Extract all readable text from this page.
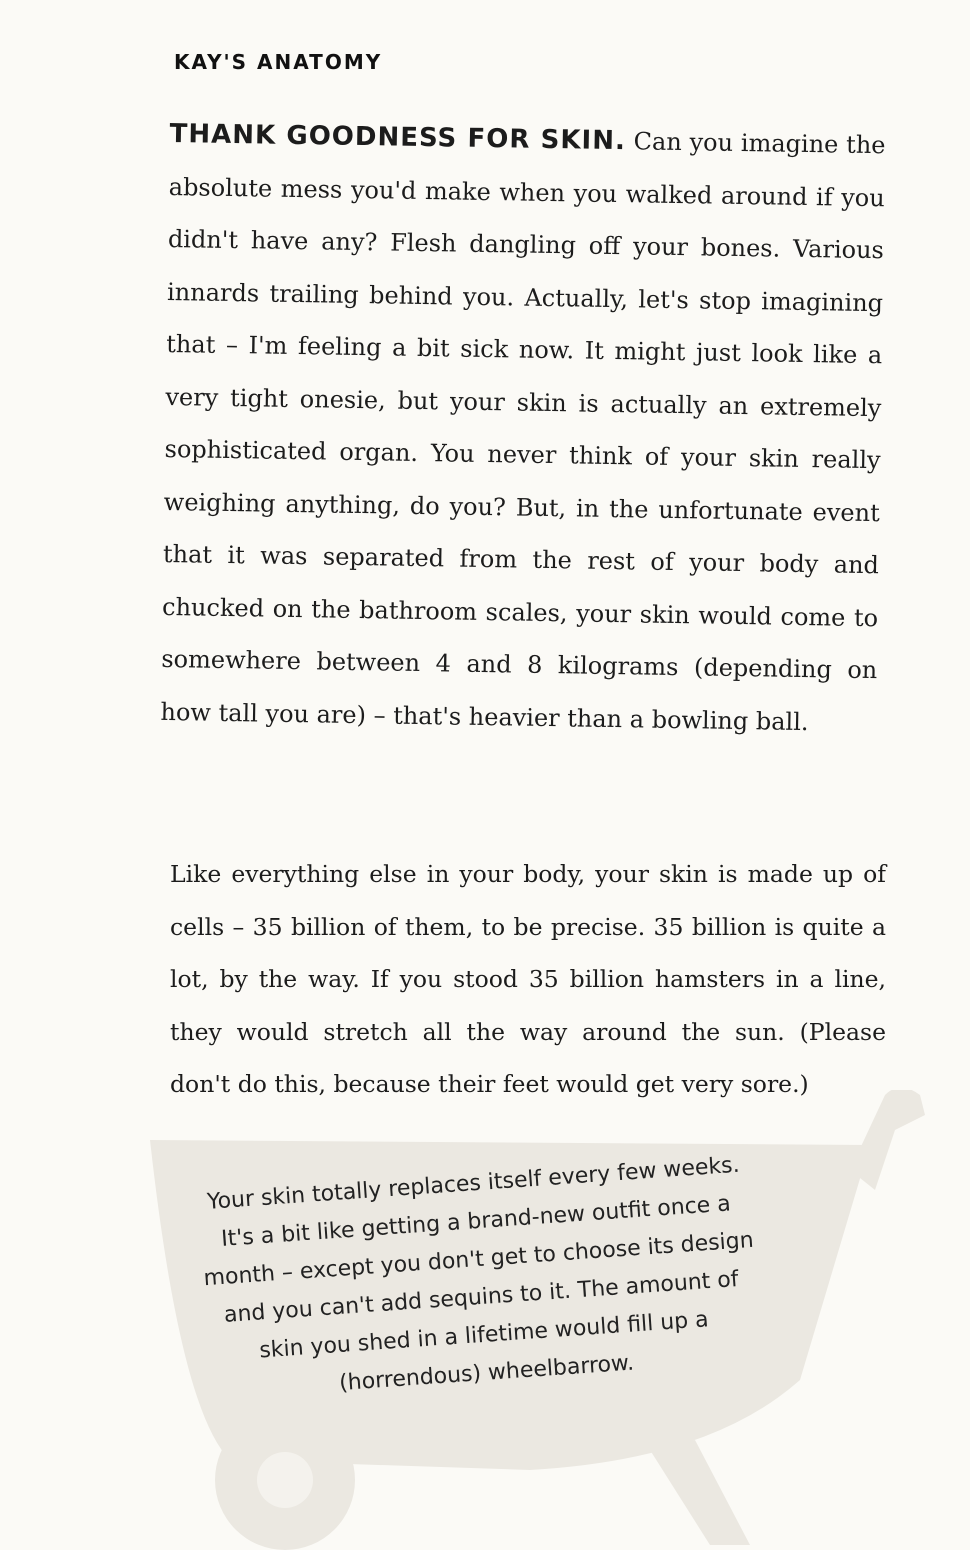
KAY'S ANATOMY

THANK GOODNESS FOR SKIN. Can you imagine the absolute mess you'd make when you walked around if you didn't have any? Flesh dangling off your bones. Various innards trailing behind you. Actually, let's stop imagining that – I'm feeling a bit sick now. It might just look like a very tight onesie, but your skin is actually an extremely sophisticated organ. You never think of your skin really weighing anything, do you? But, in the unfortunate event that it was separated from the rest of your body and chucked on the bathroom scales, your skin would come to somewhere between 4 and 8 kilograms (depending on how tall you are) – that's heavier than a bowling ball.

Like everything else in your body, your skin is made up of cells – 35 billion of them, to be precise. 35 billion is quite a lot, by the way. If you stood 35 billion hamsters in a line, they would stretch all the way around the sun. (Please don't do this, because their feet would get very sore.)

Your skin totally replaces itself every few weeks. It's a bit like getting a brand-new outfit once a month – except you don't get to choose its design and you can't add sequins to it. The amount of skin you shed in a lifetime would fill up a (horrendous) wheelbarrow.
